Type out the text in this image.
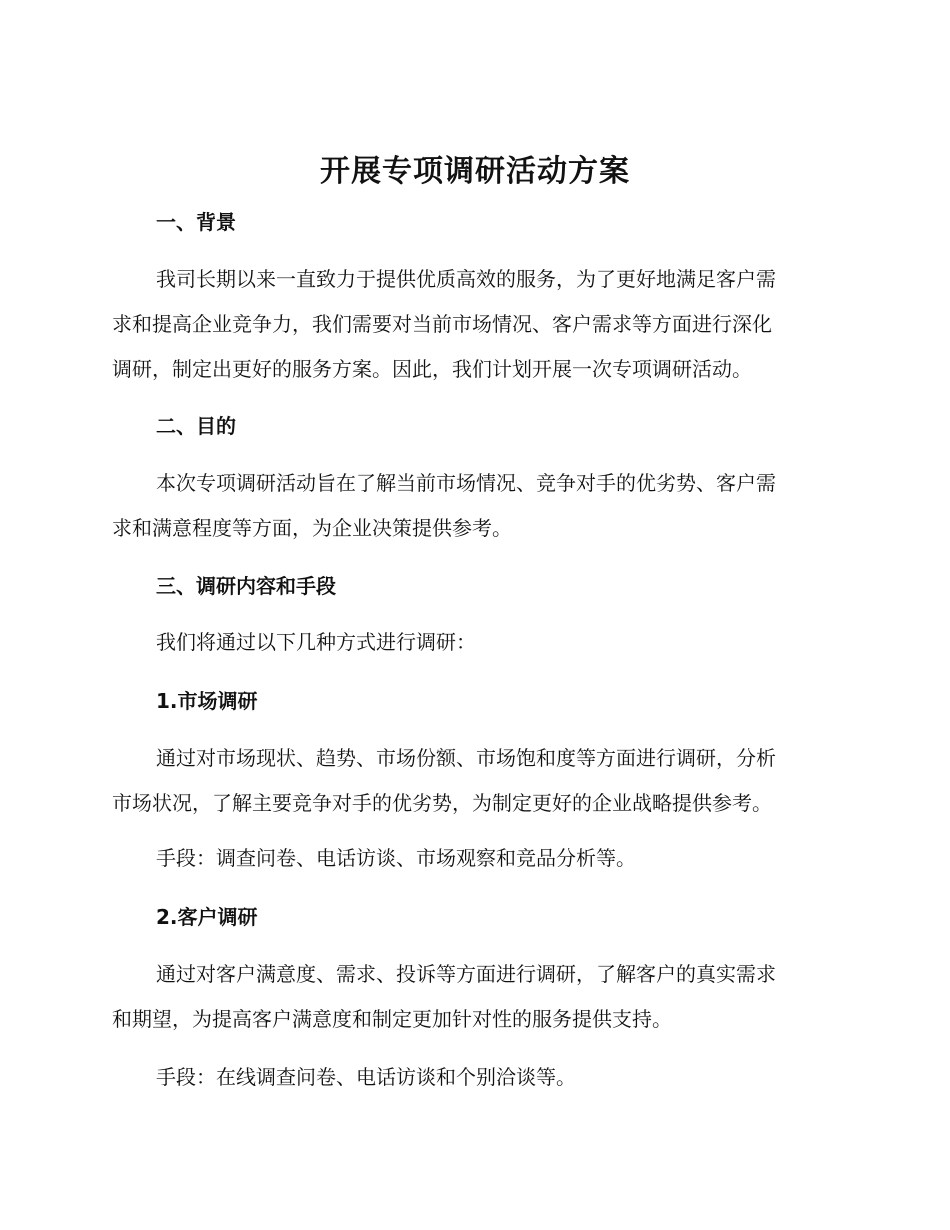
开展专项调研活动方案
一、背景
我司长期以来一直致力于提供优质高效的服务，为了更好地满足客户需
求和提高企业竞争力，我们需要对当前市场情况、客户需求等方面进行深化
调研，制定出更好的服务方案。因此，我们计划开展一次专项调研活动。
二、目的
本次专项调研活动旨在了解当前市场情况、竞争对手的优劣势、客户需
求和满意程度等方面，为企业决策提供参考。
三、调研内容和手段
我们将通过以下几种方式进行调研：
1.市场调研
通过对市场现状、趋势、市场份额、市场饱和度等方面进行调研，分析
市场状况，了解主要竞争对手的优劣势，为制定更好的企业战略提供参考。
手段：调查问卷、电话访谈、市场观察和竞品分析等。
2.客户调研
通过对客户满意度、需求、投诉等方面进行调研，了解客户的真实需求
和期望，为提高客户满意度和制定更加针对性的服务提供支持。
手段：在线调查问卷、电话访谈和个别洽谈等。
